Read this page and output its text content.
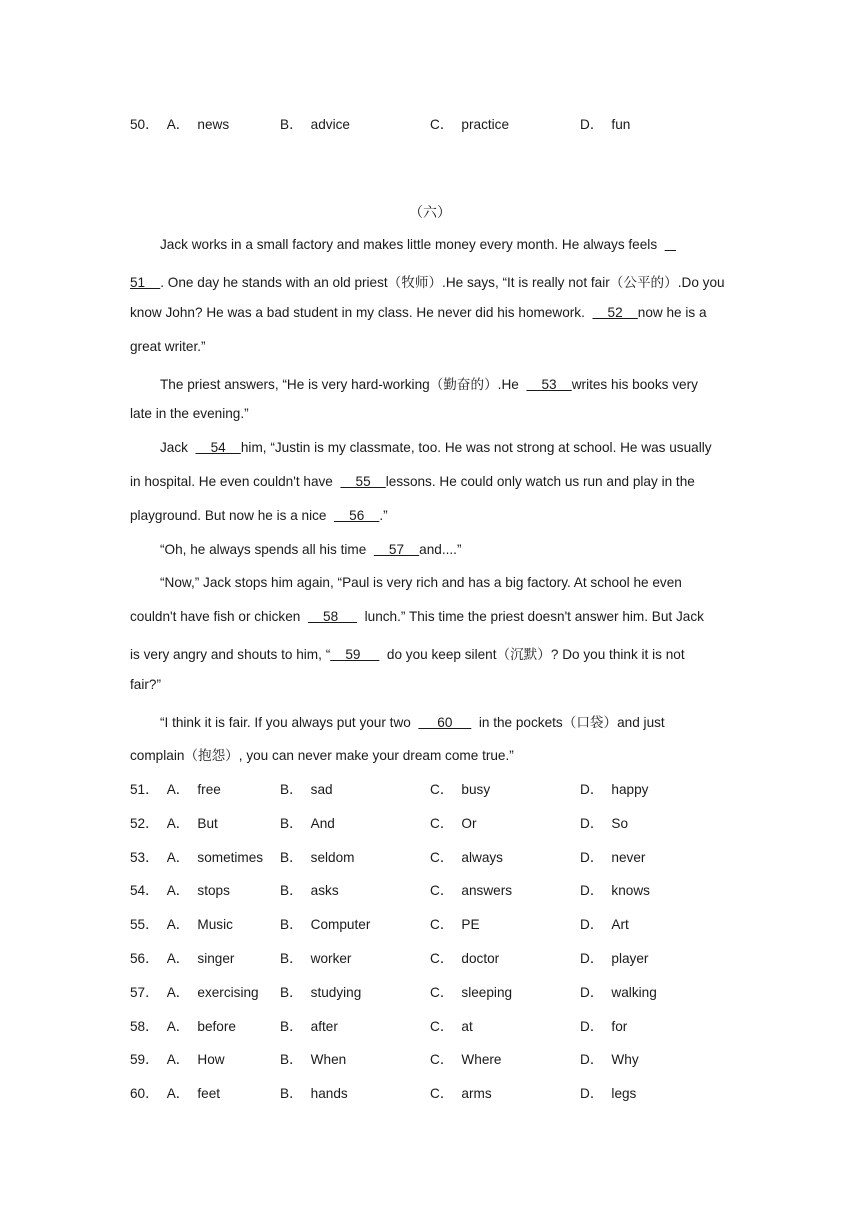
50． A． news	B． advice	C． practice	D． fun
（六）
Jack works in a small factory and makes little money every month. He always feels
51    . One day he stands with an old priest（牧师）.He says, “It is really not fair（公平的）.Do you
know John? He was a bad student in my class. He never did his homework.      52    now he is a
great writer.”
The priest answers, “He is very hard-working（勤奋的）.He      53    writes his books very
late in the evening.”
Jack      54    him, “Justin is my classmate, too. He was not strong at school. He was usually
in hospital. He even couldn't have      55    lessons. He could only watch us run and play in the
playground. But now he is a nice      56    .”
“Oh, he always spends all his time      57    and....”
“Now,” Jack stops him again, “Paul is very rich and has a big factory. At school he even
couldn't have fish or chicken      58       lunch.” This time the priest doesn't answer him. But Jack
is very angry and shouts to him, “    59       do you keep silent（沉默）? Do you think it is not
fair?”
“I think it is fair. If you always put your two       60       in the pockets（口袋）and just
complain（抱怨）, you can never make your dream come true.”
51． A． free	B． sad	C． busy	D． happy
52． A． But	B． And	C． Or	D． So
53． A． sometimes B． seldom	C． always	D． never
54． A． stops	B． asks	C． answers	D． knows
55． A． Music	B． Computer	C． PE	D． Art
56． A． singer	B． worker	C． doctor	D． player
57． A． exercising B． studying	C． sleeping	D． walking
58． A． before	B． after	C． at	D． for
59． A． How	B． When	C． Where	D． Why
60． A． feet	B． hands	C． arms	D． legs
